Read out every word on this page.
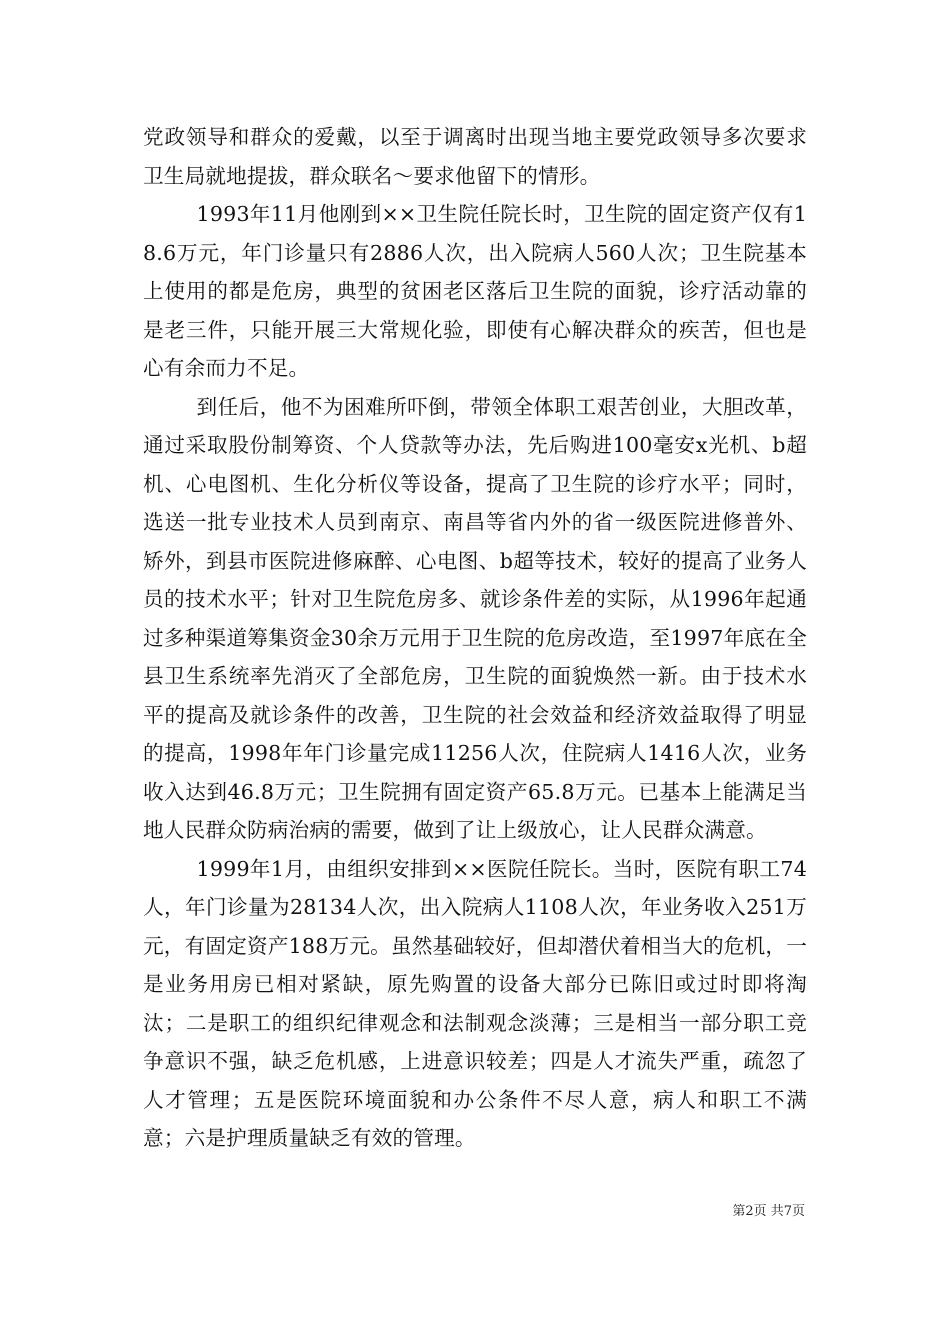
党政领导和群众的爱戴，以至于调离时出现当地主要党政领导多次要求卫生局就地提拔，群众联名～要求他留下的情形。

1993年11月他刚到××卫生院任院长时，卫生院的固定资产仅有18.6万元，年门诊量只有2886人次，出入院病人560人次；卫生院基本上使用的都是危房，典型的贫困老区落后卫生院的面貌，诊疗活动靠的是老三件，只能开展三大常规化验，即使有心解决群众的疾苦，但也是心有余而力不足。

到任后，他不为困难所吓倒，带领全体职工艰苦创业，大胆改革，通过采取股份制筹资、个人贷款等办法，先后购进100毫安x光机、b超机、心电图机、生化分析仪等设备，提高了卫生院的诊疗水平；同时，选送一批专业技术人员到南京、南昌等省内外的省一级医院进修普外、矫外，到县市医院进修麻醉、心电图、b超等技术，较好的提高了业务人员的技术水平；针对卫生院危房多、就诊条件差的实际，从1996年起通过多种渠道筹集资金30余万元用于卫生院的危房改造，至1997年底在全县卫生系统率先消灭了全部危房，卫生院的面貌焕然一新。由于技术水平的提高及就诊条件的改善，卫生院的社会效益和经济效益取得了明显的提高，1998年年门诊量完成11256人次，住院病人1416人次，业务收入达到46.8万元；卫生院拥有固定资产65.8万元。已基本上能满足当地人民群众防病治病的需要，做到了让上级放心，让人民群众满意。

1999年1月，由组织安排到××医院任院长。当时，医院有职工74人，年门诊量为28134人次，出入院病人1108人次，年业务收入251万元，有固定资产188万元。虽然基础较好，但却潜伏着相当大的危机，一是业务用房已相对紧缺，原先购置的设备大部分已陈旧或过时即将淘汰；二是职工的组织纪律观念和法制观念淡薄；三是相当一部分职工竞争意识不强，缺乏危机感，上进意识较差；四是人才流失严重，疏忽了人才管理；五是医院环境面貌和办公条件不尽人意，病人和职工不满意；六是护理质量缺乏有效的管理。

第2页 共7页
